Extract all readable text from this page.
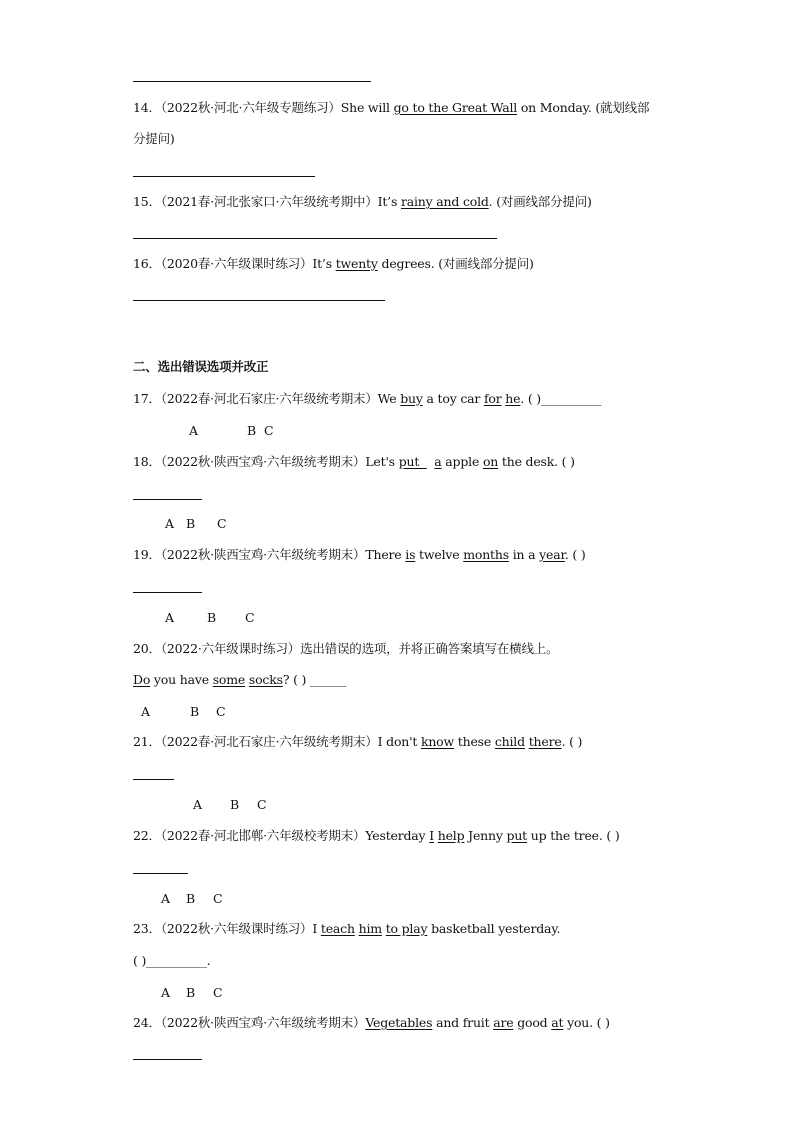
14．（2022秋·河北·六年级专题练习）She will go to the Great Wall on Monday. (就划线部
分提问)
15．（2021春·河北张家口·六年级统考期中）It’s rainy and cold. (对画线部分提问)
16．（2020春·六年级课时练习）It’s twenty degrees. (对画线部分提问)
二、选出错误选项并改正
17．（2022春·河北石家庄·六年级统考期末）We buy a toy car for he. ( )__________
A	B C
18．（2022秋·陕西宝鸡·六年级统考期末）Let's put    a apple on the desk. ( )
A B C
19．（2022秋·陕西宝鸡·六年级统考期末）There is twelve months in a year. ( )
A	B C
20．（2022·六年级课时练习）选出错误的选项，并将正确答案填写在横线上。
Do you have some socks? ( ) ______
A	B C
21．（2022春·河北石家庄·六年级统考期末）I don't know these child there. ( )
A B C
22．（2022春·河北邯郸·六年级校考期末）Yesterday I help Jenny put up the tree. ( )
A B C
23．（2022秋·六年级课时练习）I teach him to play basketball yesterday.
( )__________.
A B C
24．（2022秋·陕西宝鸡·六年级统考期末）Vegetables and fruit are good at you. ( )
